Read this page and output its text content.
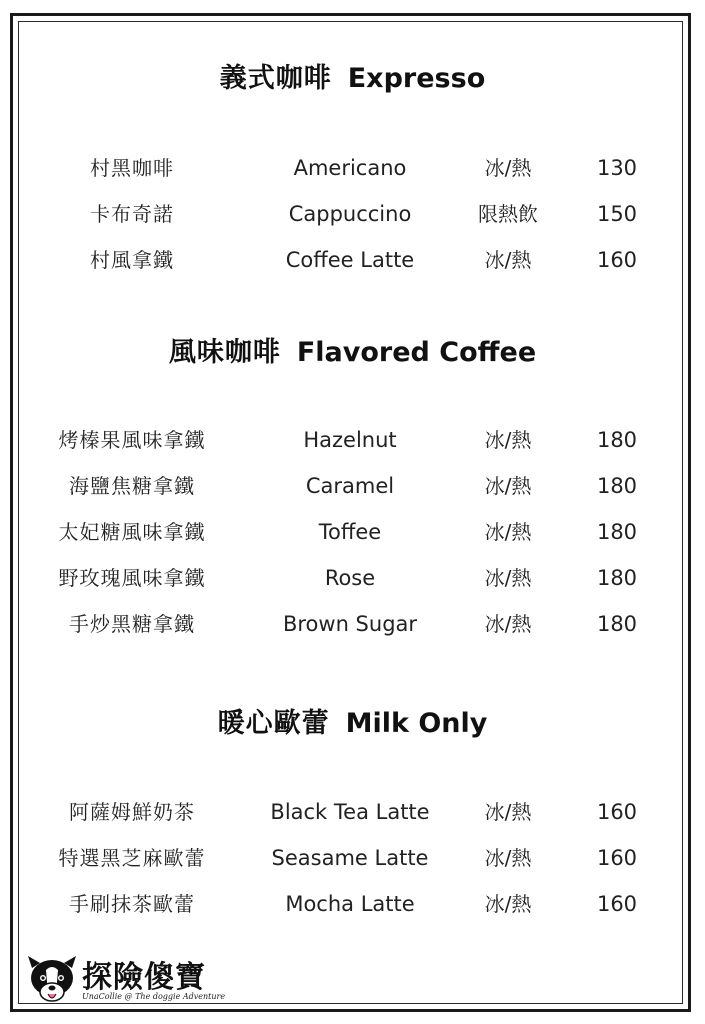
義式咖啡 Expresso
村黑咖啡	Americano	冰/熱	130
卡布奇諾	Cappuccino	限熱飲	150
村風拿鐵	Coffee Latte	冰/熱	160
風味咖啡 Flavored Coffee
烤榛果風味拿鐵	Hazelnut	冰/熱	180
海鹽焦糖拿鐵	Caramel	冰/熱	180
太妃糖風味拿鐵	Toffee	冰/熱	180
野玫瑰風味拿鐵	Rose	冰/熱	180
手炒黑糖拿鐵	Brown Sugar	冰/熱	180
暖心歐蕾 Milk Only
阿薩姆鮮奶茶	Black Tea Latte	冰/熱	160
特選黑芝麻歐蕾	Seasame Latte	冰/熱	160
手刷抹茶歐蕾	Mocha Latte	冰/熱	160
探險傻寶
UnaCollie @ The doggie Adventure
